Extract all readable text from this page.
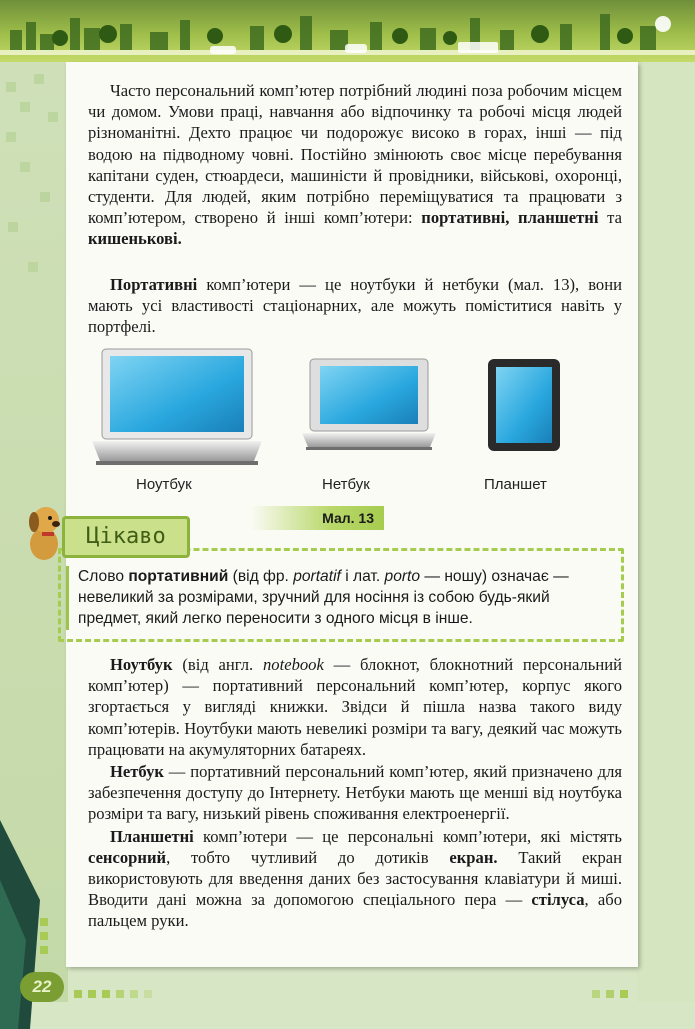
Часто персональний комп’ютер потрібний людині поза робочим місцем чи домом. Умови праці, навчання або відпочинку та робочі місця людей різноманітні. Дехто працює чи подорожує високо в горах, інші — під водою на підводному човні. Постійно змінюють своє місце перебування капітани суден, стюардеси, машиністи й провідники, військові, охоронці, студенти. Для людей, яким потрібно переміщуватися та працювати з комп’ютером, створено й інші комп’ютери: портативні, планшетні та кишенькові.

Портативні комп’ютери — це ноутбуки й нетбуки (мал. 13), вони мають усі властивості стаціонарних, але можуть поміститися навіть у портфелі.

Ноутбук	Нетбук	Планшет
Мал. 13
Цікаво
Слово портативний (від фр. portatif і лат. porto — ношу) означає — невеликий за розмірами, зручний для носіння із собою будь-який предмет, який легко переносити з одного місця в інше.

Ноутбук (від англ. notebook — блокнот, блокнотний персональний комп’ютер) — портативний персональний комп’ютер, корпус якого згортається у вигляді книжки. Звідси й пішла назва такого виду комп’ютерів. Ноутбуки мають невеликі розміри та вагу, деякий час можуть працювати на акумуляторних батареях.

Нетбук — портативний персональний комп’ютер, який призначено для забезпечення доступу до Інтернету. Нетбуки мають ще менші від ноутбука розміри та вагу, низький рівень споживання електроенергії.

Планшетні комп’ютери — це персональні комп’ютери, які містять сенсорний, тобто чутливий до дотиків екран. Такий екран використовують для введення даних без застосування клавіатури й миші. Вводити дані можна за допомогою спеціального пера — стілуса, або пальцем руки.

22
